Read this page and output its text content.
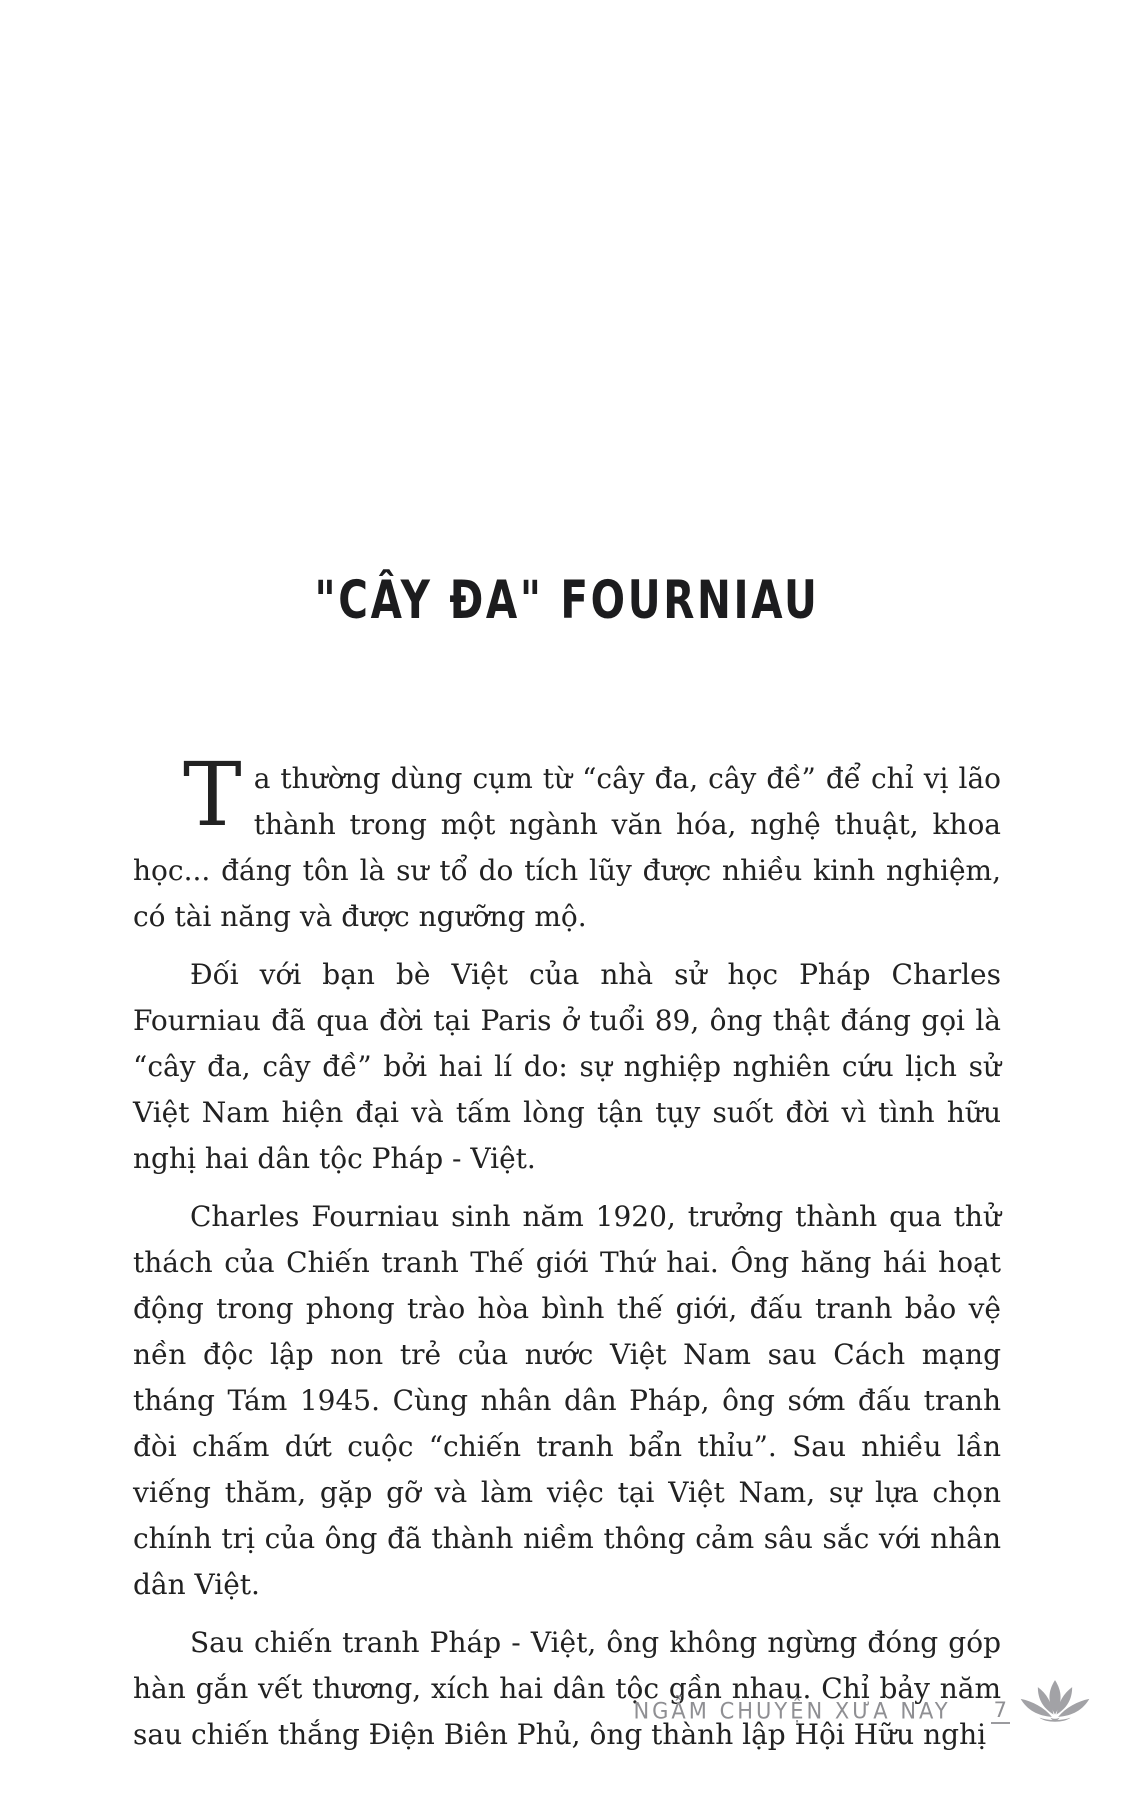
"CÂY ĐA" FOURNIAU

Ta thường dùng cụm từ “cây đa, cây đề” để chỉ vị lão thành trong một ngành văn hóa, nghệ thuật, khoa học... đáng tôn là sư tổ do tích lũy được nhiều kinh nghiệm, có tài năng và được ngưỡng mộ.

Đối với bạn bè Việt của nhà sử học Pháp Charles Fourniau đã qua đời tại Paris ở tuổi 89, ông thật đáng gọi là “cây đa, cây đề” bởi hai lí do: sự nghiệp nghiên cứu lịch sử Việt Nam hiện đại và tấm lòng tận tụy suốt đời vì tình hữu nghị hai dân tộc Pháp - Việt.

Charles Fourniau sinh năm 1920, trưởng thành qua thử thách của Chiến tranh Thế giới Thứ hai. Ông hăng hái hoạt động trong phong trào hòa bình thế giới, đấu tranh bảo vệ nền độc lập non trẻ của nước Việt Nam sau Cách mạng tháng Tám 1945. Cùng nhân dân Pháp, ông sớm đấu tranh đòi chấm dứt cuộc “chiến tranh bẩn thỉu”. Sau nhiều lần viếng thăm, gặp gỡ và làm việc tại Việt Nam, sự lựa chọn chính trị của ông đã thành niềm thông cảm sâu sắc với nhân dân Việt.

Sau chiến tranh Pháp - Việt, ông không ngừng đóng góp hàn gắn vết thương, xích hai dân tộc gần nhau. Chỉ bảy năm sau chiến thắng Điện Biên Phủ, ông thành lập Hội Hữu nghị

NGẪM CHUYỆN XƯA NAY 7
